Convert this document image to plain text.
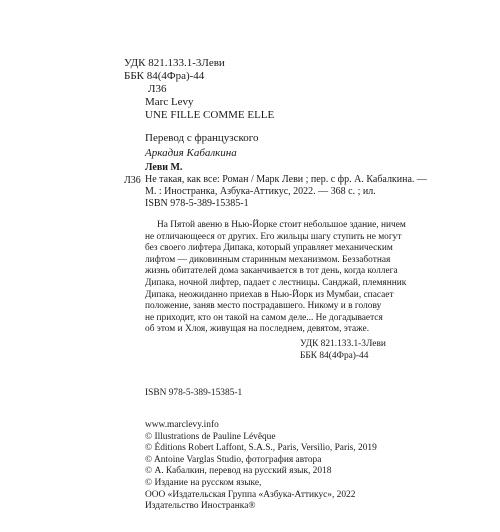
УДК 821.133.1-3Леви
ББК 84(4Фра)-44
Л36
Marc Levy
UNE FILLE COMME ELLE
Перевод с французского
Аркадия Кабалкина
Л36
Леви М.
Не такая, как все: Роман / Марк Леви ; пер. с фр. А. Кабалкина. —
М. : Иностранка, Азбука-Аттикус, 2022. — 368 с. ; ил.
ISBN 978-5-389-15385-1
На Пятой авеню в Нью-Йорке стоит небольшое здание, ничем
не отличающееся от других. Его жильцы шагу ступить не могут
без своего лифтера Дипака, который управляет механическим
лифтом — диковинным старинным механизмом. Беззаботная
жизнь обитателей дома заканчивается в тот день, когда коллега
Дипака, ночной лифтер, падает с лестницы. Санджай, племянник
Дипака, неожиданно приехав в Нью-Йорк из Мумбаи, спасает
положение, заняв место пострадавшего. Никому и в голову
не приходит, кто он такой на самом деле... Не догадывается
об этом и Хлоя, живущая на последнем, девятом, этаже.
УДК 821.133.1-3Леви
ББК 84(4Фра)-44
ISBN 978-5-389-15385-1
www.marclevy.info
© Illustrations de Pauline Lévêque
© Éditions Robert Laffont, S.A.S., Paris, Versilio, Paris, 2019
© Antoine Varglas Studio, фотография автора
© А. Кабалкин, перевод на русский язык, 2018
© Издание на русском языке,
ООО «Издательская Группа «Азбука-Аттикус», 2022
Издательство Иностранка®
